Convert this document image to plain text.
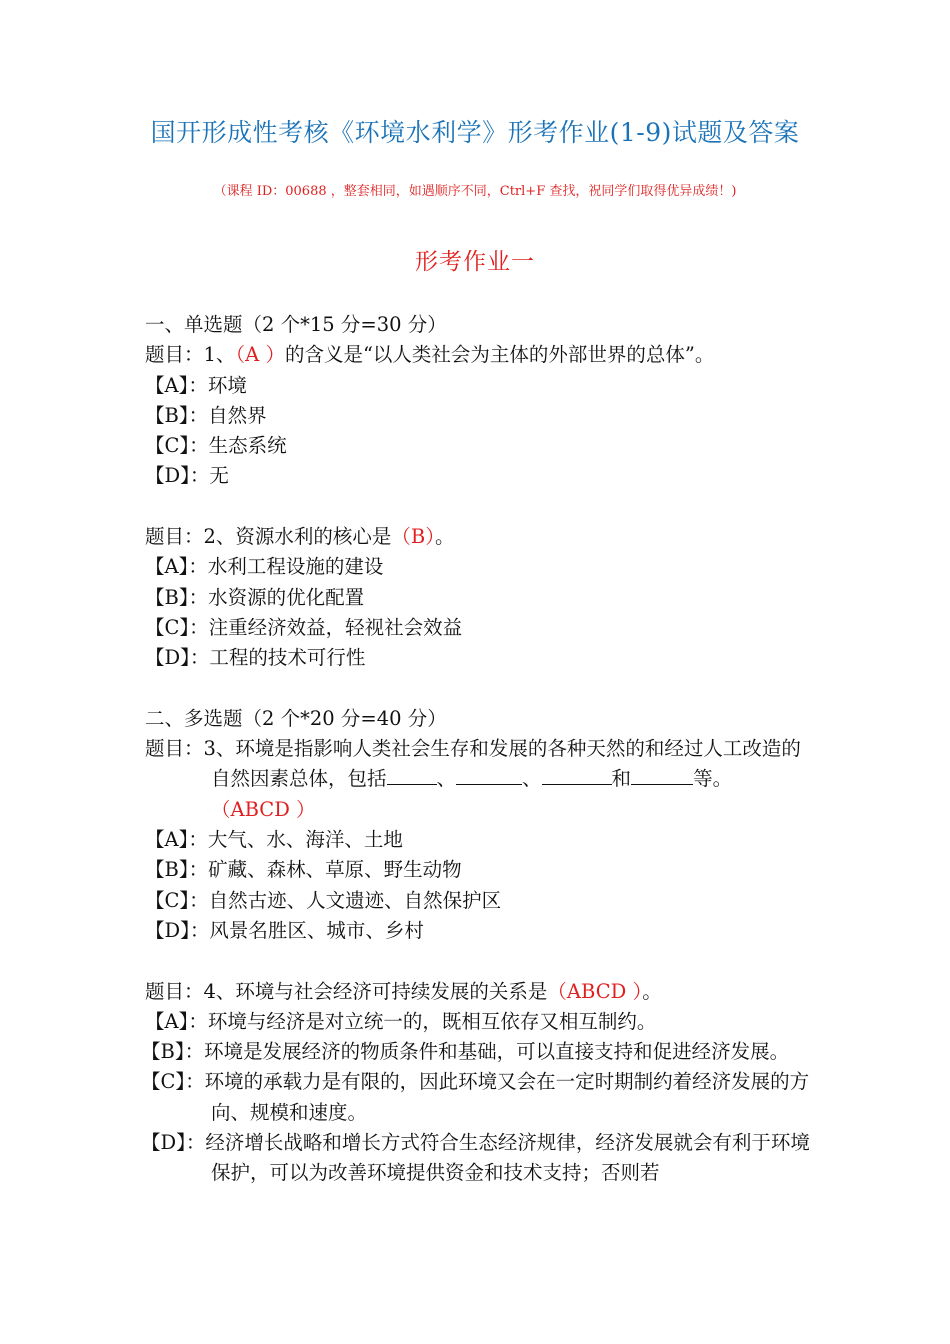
国开形成性考核《环境水利学》形考作业(1-9)试题及答案
（课程 ID：00688 ，整套相同，如遇顺序不同，Ctrl+F 查找，祝同学们取得优异成绩！)
形考作业一
一、单选题（2 个*15 分=30 分）
题目：1、（A ）的含义是“以人类社会为主体的外部世界的总体”。
【A】：环境
【B】：自然界
【C】：生态系统
【D】：无
题目：2、资源水利的核心是（B）。
【A】：水利工程设施的建设
【B】：水资源的优化配置
【C】：注重经济效益，轻视社会效益
【D】：工程的技术可行性
二、多选题（2 个*20 分=40 分）
题目：3、环境是指影响人类社会生存和发展的各种天然的和经过人工改造的自然因素总体，包括	、	、	和	等。 （ABCD ）
【A】：大气、水、海洋、土地
【B】：矿藏、森林、草原、野生动物
【C】：自然古迹、人文遗迹、自然保护区
【D】：风景名胜区、城市、乡村
题目：4、环境与社会经济可持续发展的关系是（ABCD ）。
【A】：环境与经济是对立统一的，既相互依存又相互制约。
【B】：环境是发展经济的物质条件和基础，可以直接支持和促进经济发展。
【C】：环境的承载力是有限的，因此环境又会在一定时期制约着经济发展的方向、规模和速度。
【D】：经济增长战略和增长方式符合生态经济规律，经济发展就会有利于环境保护，可以为改善环境提供资金和技术支持；否则若
